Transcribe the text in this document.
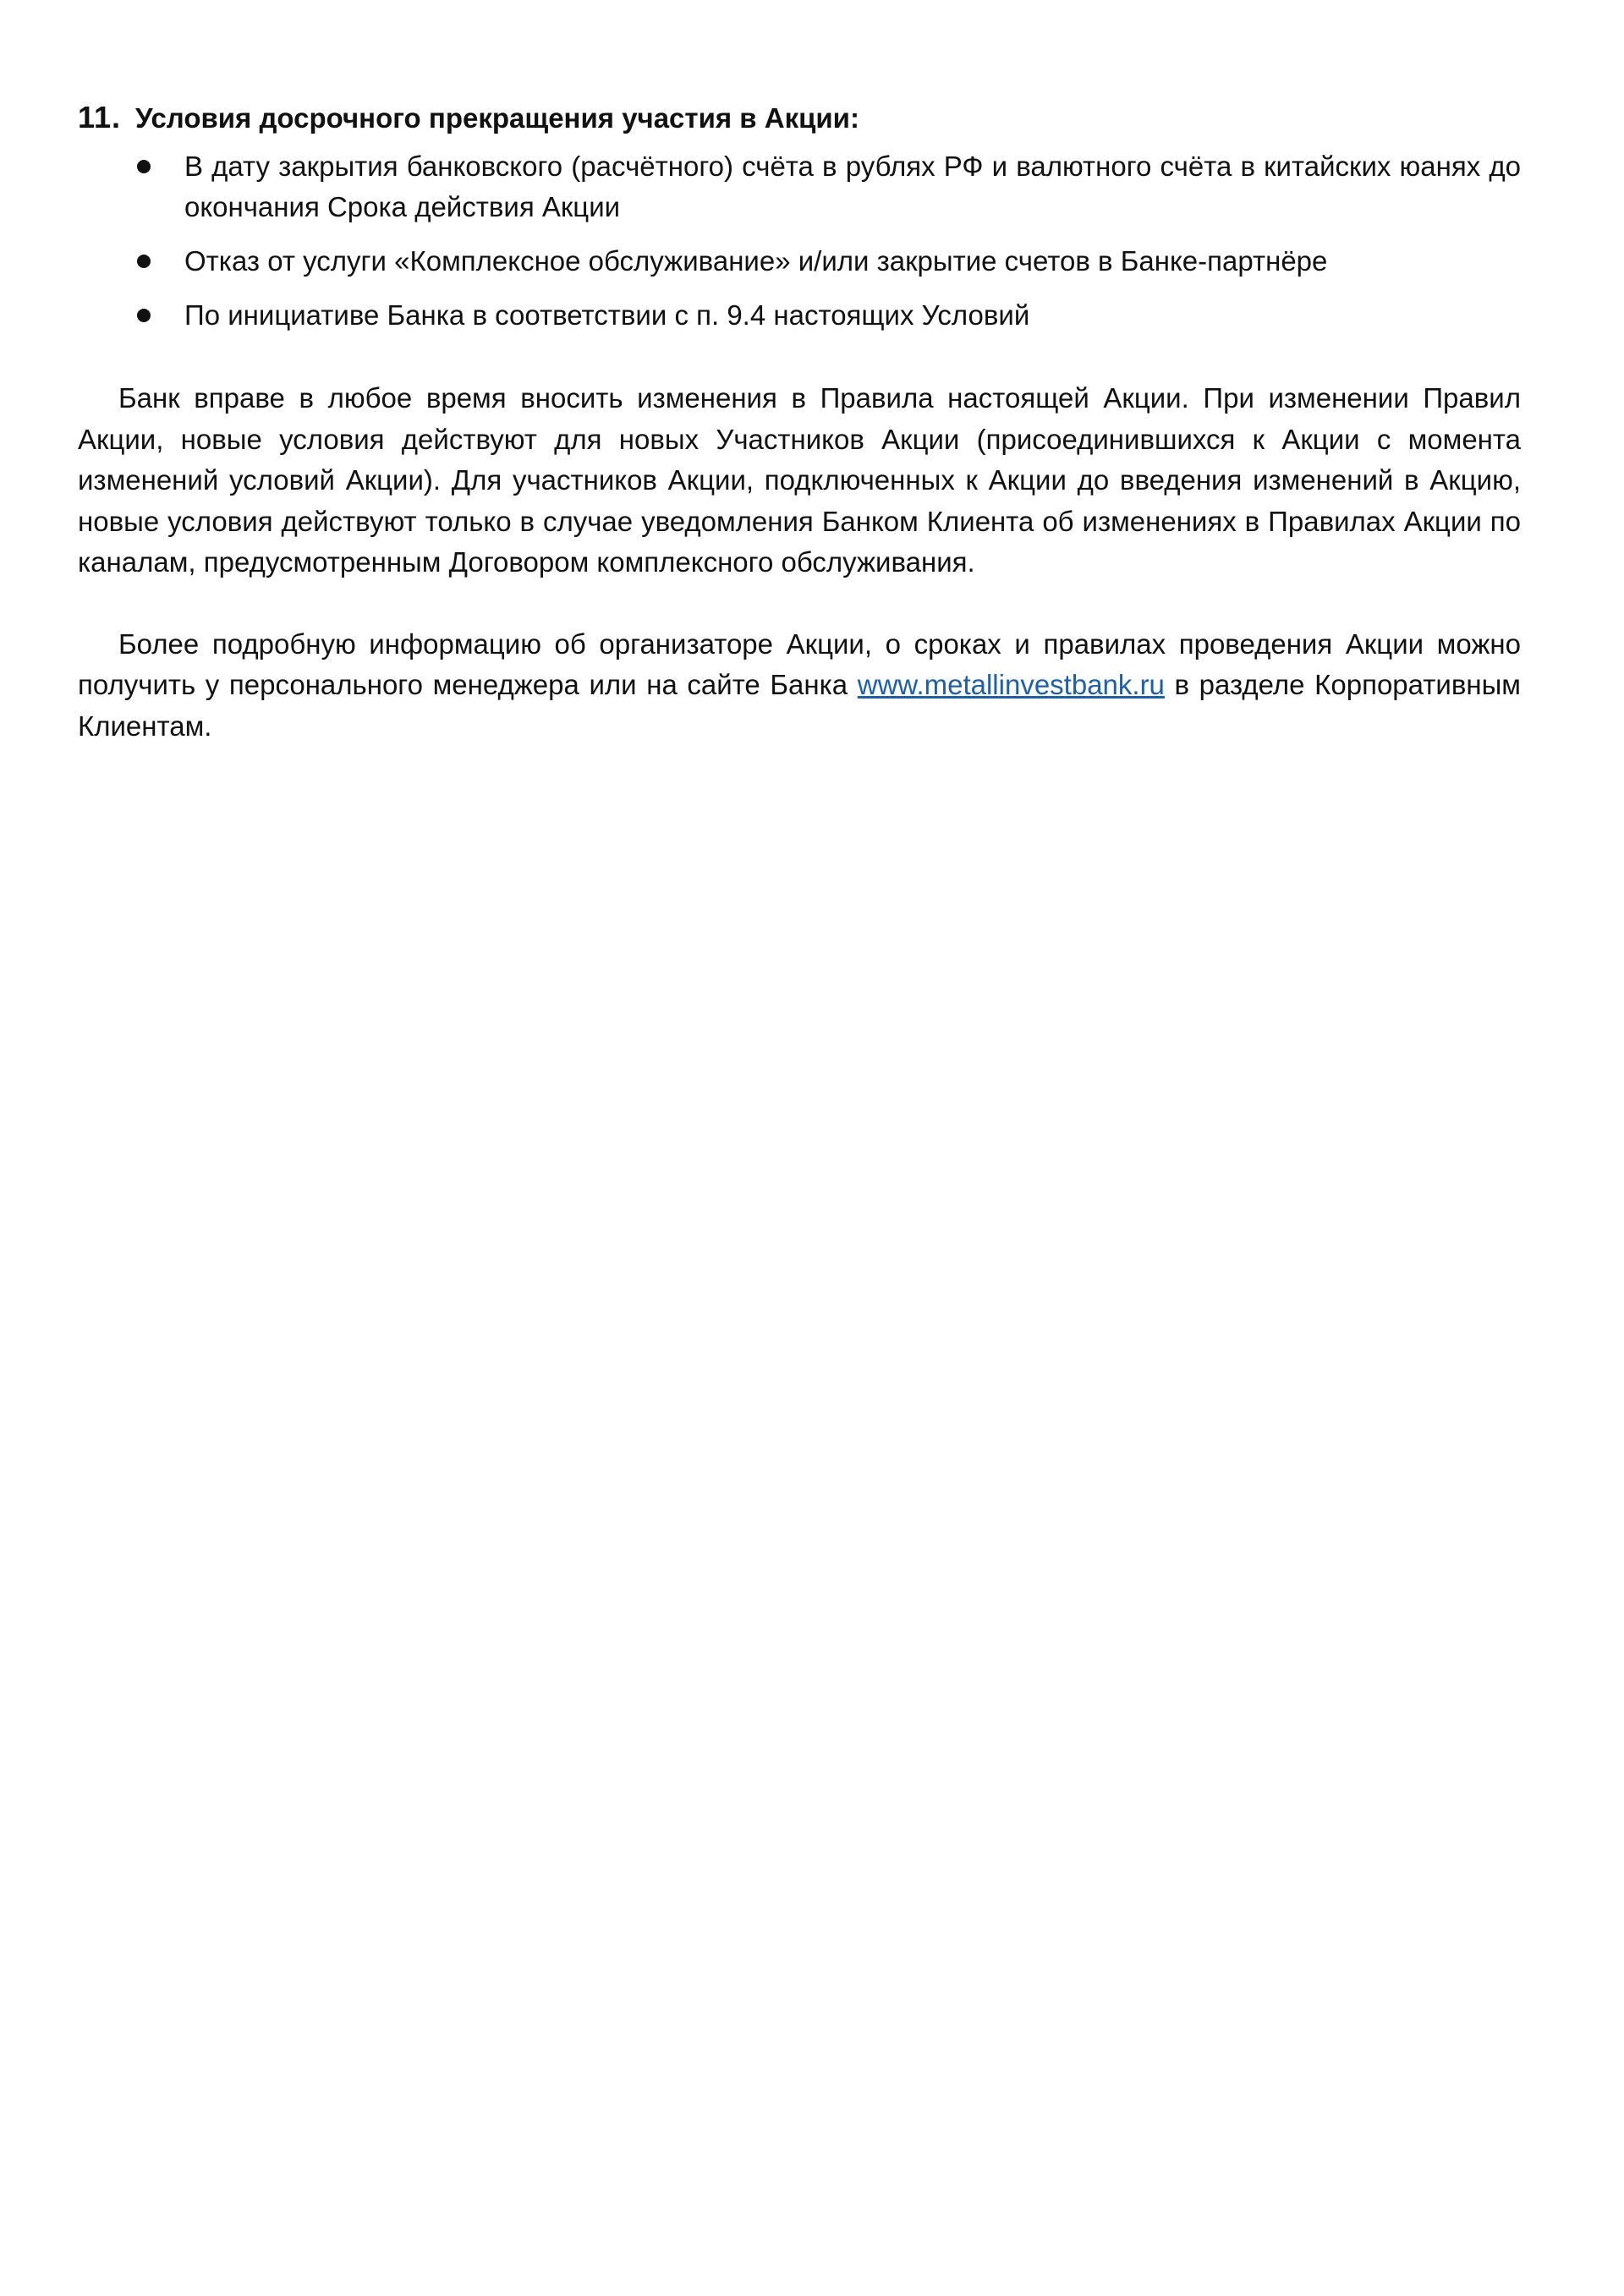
11. Условия досрочного прекращения участия в Акции:
В дату закрытия банковского (расчётного) счёта в рублях РФ и валютного счёта в китайских юанях до окончания Срока действия Акции
Отказ от услуги «Комплексное обслуживание» и/или закрытие счетов в Банке-партнёре
По инициативе Банка в соответствии с п. 9.4 настоящих Условий

Банк вправе в любое время вносить изменения в Правила настоящей Акции. При изменении Правил Акции, новые условия действуют для новых Участников Акции (присоединившихся к Акции с момента изменений условий Акции). Для участников Акции, подключенных к Акции до введения изменений в Акцию, новые условия действуют только в случае уведомления Банком Клиента об изменениях в Правилах Акции по каналам, предусмотренным Договором комплексного обслуживания.

Более подробную информацию об организаторе Акции, о сроках и правилах проведения Акции можно получить у персонального менеджера или на сайте Банка www.metallinvestbank.ru в разделе Корпоративным Клиентам.
